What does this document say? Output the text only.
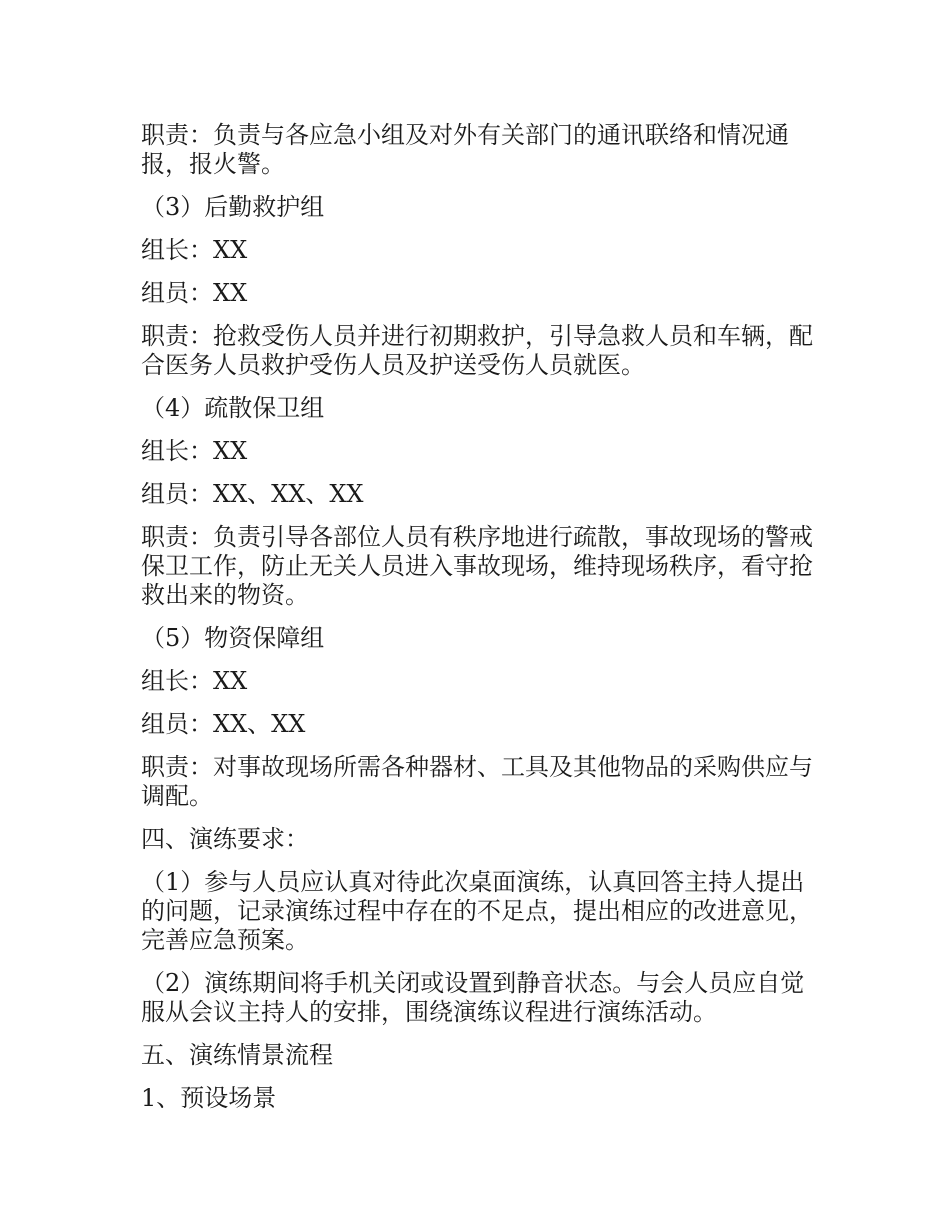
职责：负责与各应急小组及对外有关部门的通讯联络和情况通报，报火警。

（3）后勤救护组

组长：XX

组员：XX

职责：抢救受伤人员并进行初期救护，引导急救人员和车辆，配合医务人员救护受伤人员及护送受伤人员就医。

（4）疏散保卫组

组长：XX

组员：XX、XX、XX

职责：负责引导各部位人员有秩序地进行疏散，事故现场的警戒保卫工作，防止无关人员进入事故现场，维持现场秩序，看守抢救出来的物资。

（5）物资保障组

组长：XX

组员：XX、XX

职责：对事故现场所需各种器材、工具及其他物品的采购供应与调配。

四、演练要求：

（1）参与人员应认真对待此次桌面演练，认真回答主持人提出的问题，记录演练过程中存在的不足点，提出相应的改进意见，完善应急预案。

（2）演练期间将手机关闭或设置到静音状态。与会人员应自觉服从会议主持人的安排，围绕演练议程进行演练活动。

五、演练情景流程

1、预设场景
